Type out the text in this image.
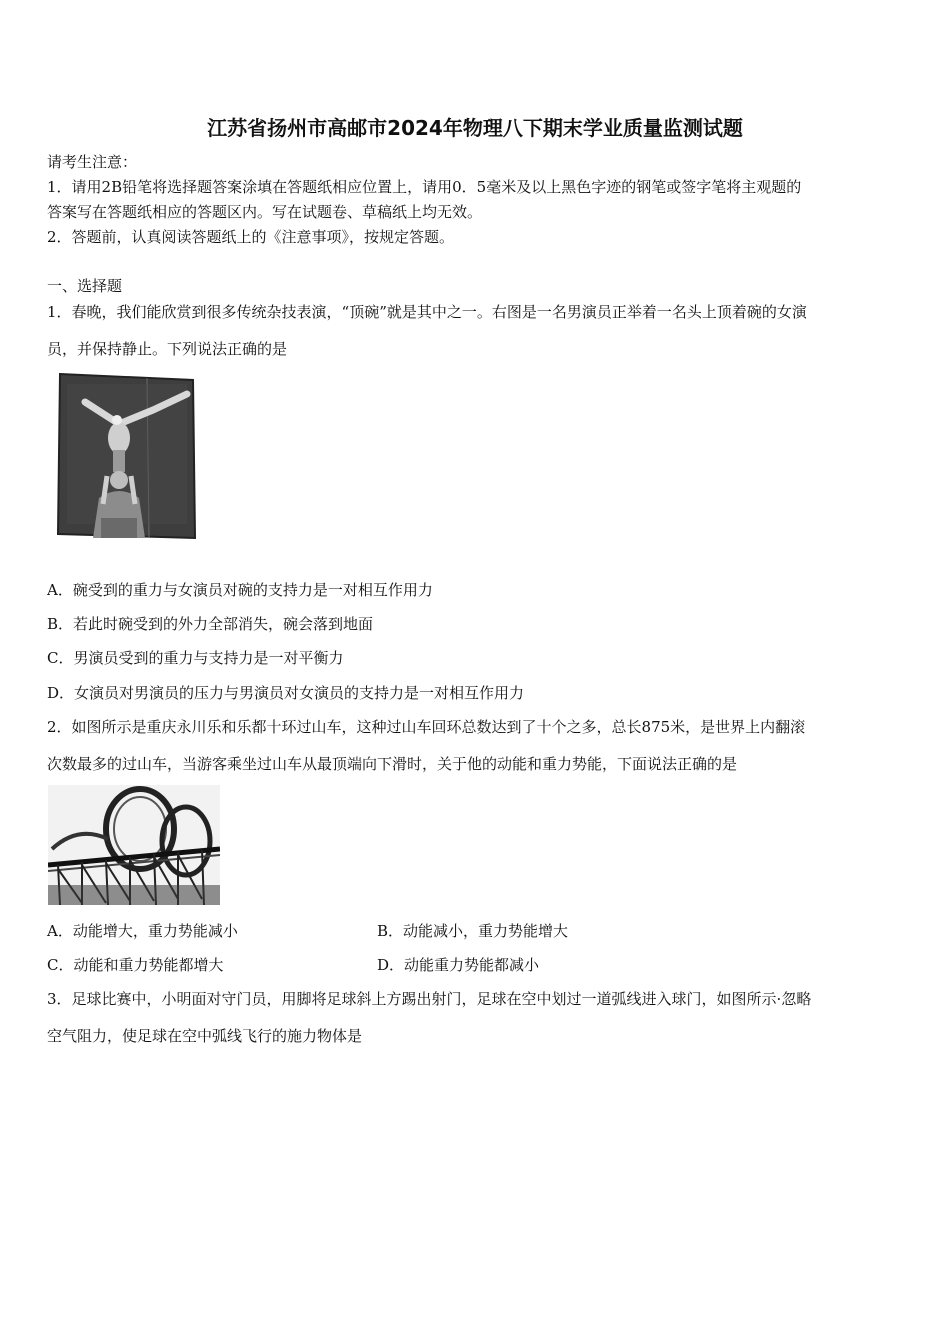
江苏省扬州市高邮市2024年物理八下期末学业质量监测试题

请考生注意：

1．请用2B铅笔将选择题答案涂填在答题纸相应位置上，请用0．5毫米及以上黑色字迹的钢笔或签字笔将主观题的

答案写在答题纸相应的答题区内。写在试题卷、草稿纸上均无效。

2．答题前，认真阅读答题纸上的《注意事项》，按规定答题。

一、选择题

1．春晚，我们能欣赏到很多传统杂技表演，“顶碗”就是其中之一。右图是一名男演员正举着一名头上顶着碗的女演

员，并保持静止。下列说法正确的是

A．碗受到的重力与女演员对碗的支持力是一对相互作用力

B．若此时碗受到的外力全部消失，碗会落到地面

C．男演员受到的重力与支持力是一对平衡力

D．女演员对男演员的压力与男演员对女演员的支持力是一对相互作用力

2．如图所示是重庆永川乐和乐都十环过山车，这种过山车回环总数达到了十个之多，总长875米，是世界上内翻滚

次数最多的过山车，当游客乘坐过山车从最顶端向下滑时，关于他的动能和重力势能，下面说法正确的是

A．动能增大，重力势能减小	B．动能减小，重力势能增大

C．动能和重力势能都增大	D．动能重力势能都减小

3．足球比赛中，小明面对守门员，用脚将足球斜上方踢出射门，足球在空中划过一道弧线进入球门，如图所示·忽略

空气阻力，使足球在空中弧线飞行的施力物体是
